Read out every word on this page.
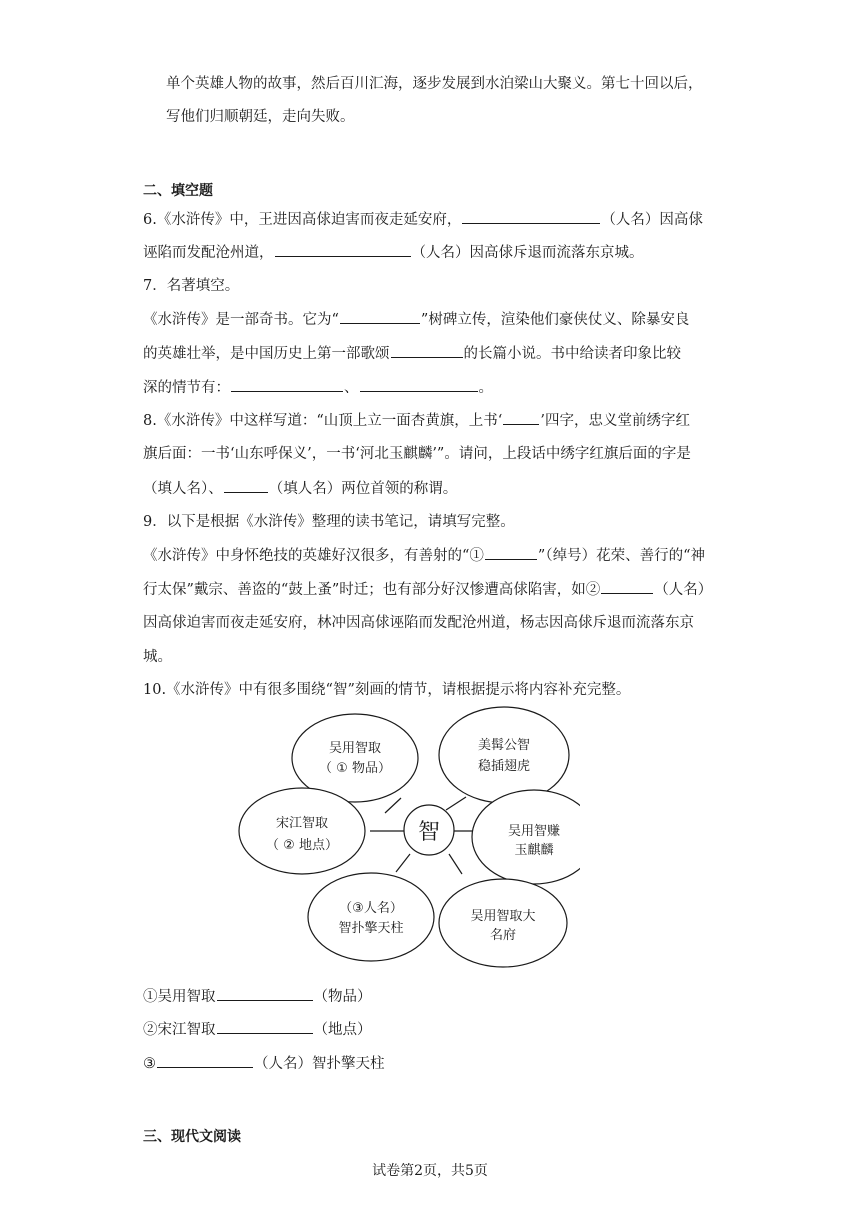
单个英雄人物的故事，然后百川汇海，逐步发展到水泊梁山大聚义。第七十回以后，
写他们归顺朝廷，走向失败。
二、填空题
6.《水浒传》中，王进因高俅迫害而夜走延安府，	（人名）因高俅
诬陷而发配沧州道，	（人名）因高俅斥退而流落东京城。
7．名著填空。
《水浒传》是一部奇书。它为“	”树碑立传，渲染他们豪侠仗义、除暴安良
的英雄壮举，是中国历史上第一部歌颂	的长篇小说。书中给读者印象比较
深的情节有：	、	。
8.《水浒传》中这样写道：“山顶上立一面杏黄旗，上书‘	’四字，忠义堂前绣字红
旗后面：一书‘山东呼保义’，一书‘河北玉麒麟’”。请问，上段话中绣字红旗后面的字是
（填人名）、	（填人名）两位首领的称谓。
9．以下是根据《水浒传》整理的读书笔记，请填写完整。
《水浒传》中身怀绝技的英雄好汉很多，有善射的“①	”（绰号）花荣、善行的“神
行太保”戴宗、善盗的“鼓上蚤”时迁；也有部分好汉惨遭高俅陷害，如②	（人名）
因高俅迫害而夜走延安府，林冲因高俅诬陷而发配沧州道，杨志因高俅斥退而流落东京
城。
10.《水浒传》中有很多围绕“智”刻画的情节，请根据提示将内容补充完整。
智
吴用智取
（ ① 物品）
美髯公智
稳插翅虎
宋江智取
（ ② 地点）
吴用智赚
玉麒麟
（③人名）
智扑擎天柱
吴用智取大
名府
①吴用智取	（物品）
②宋江智取	（地点）
③	（人名）智扑擎天柱
三、现代文阅读
试卷第2页，共5页
